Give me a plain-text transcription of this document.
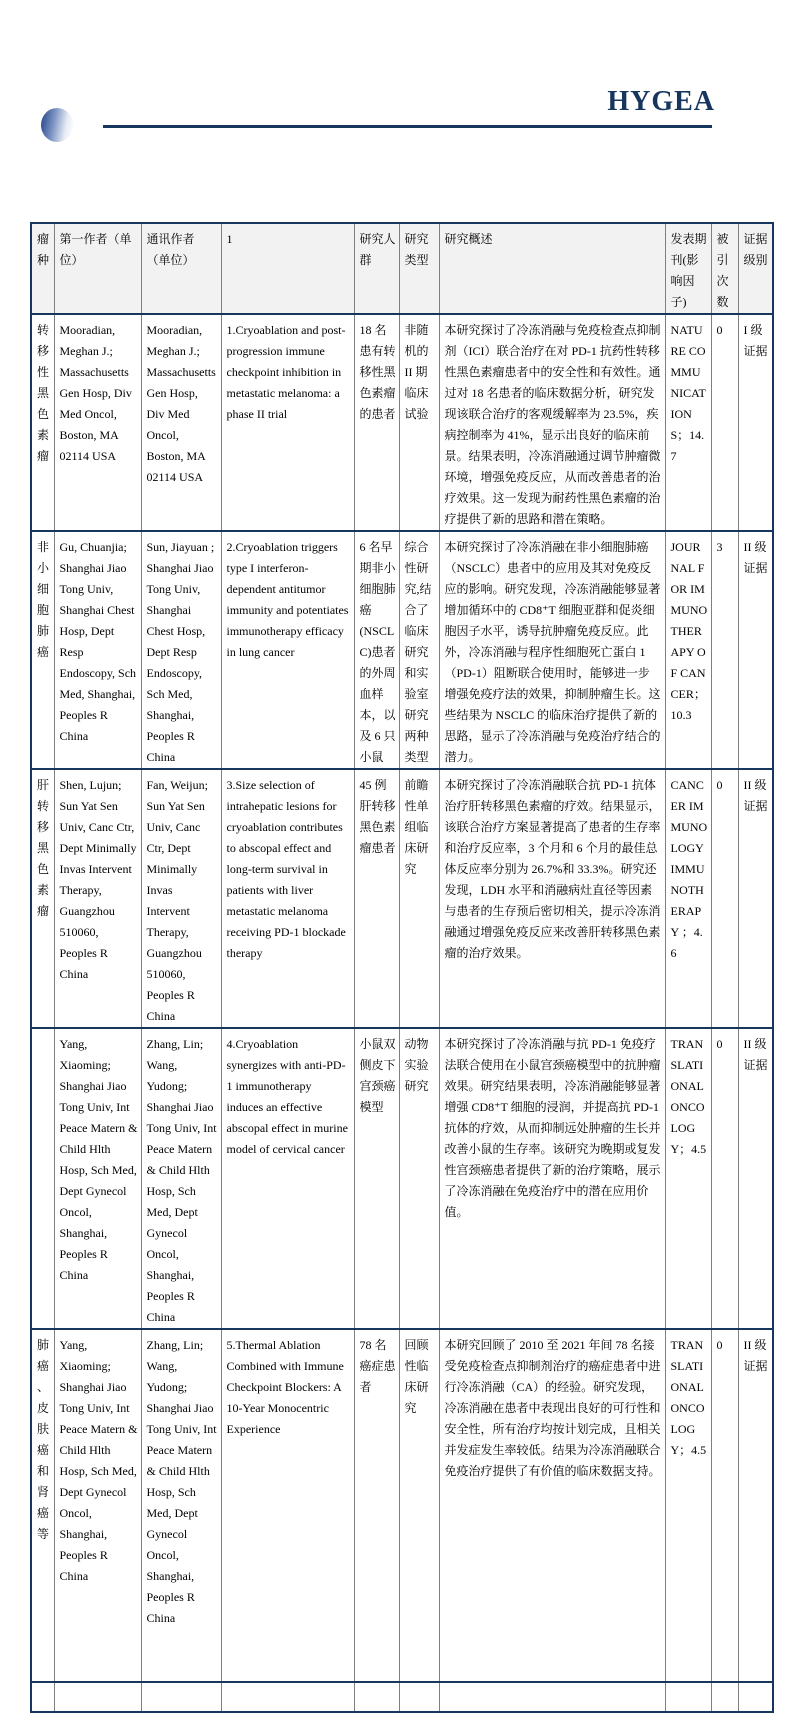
HYGEA
瘤种	第一作者（单位）	通讯作者（单位）	1	研究人群	研究类型	研究概述	发表期刊(影响因子)	被引次数	证据级别
转移性黑色素瘤	Mooradian, Meghan J.; Massachusetts Gen Hosp, Div Med Oncol, Boston, MA 02114 USA	Mooradian, Meghan J.; Massachusetts Gen Hosp, Div Med Oncol, Boston, MA 02114 USA	1.Cryoablation and post-progression immune checkpoint inhibition in metastatic melanoma: a phase II trial	18 名患有转移性黑色素瘤的患者	非随机的 II 期临床试验	本研究探讨了冷冻消融与免疫检查点抑制剂（ICI）联合治疗在对 PD-1 抗药性转移性黑色素瘤患者中的安全性和有效性。通过对 18 名患者的临床数据分析，研究发现该联合治疗的客观缓解率为 23.5%，疾病控制率为 41%，显示出良好的临床前景。结果表明，冷冻消融通过调节肿瘤微环境，增强免疫反应，从而改善患者的治疗效果。这一发现为耐药性黑色素瘤的治疗提供了新的思路和潜在策略。	NATURE COMMUNICATIONS；14.7	0	I 级证据
非小细胞肺癌	Gu, Chuanjia; Shanghai Jiao Tong Univ, Shanghai Chest Hosp, Dept Resp Endoscopy, Sch Med, Shanghai, Peoples R China	Sun, Jiayuan ; Shanghai Jiao Tong Univ, Shanghai Chest Hosp, Dept Resp Endoscopy, Sch Med, Shanghai, Peoples R China	2.Cryoablation triggers type I interferon-dependent antitumor immunity and potentiates immunotherapy efficacy in lung cancer	6 名早期非小细胞肺癌 (NSCLC)患者的外周血样本，以及 6 只小鼠	综合性研究,结合了临床研究和实验室研究两种类型	本研究探讨了冷冻消融在非小细胞肺癌（NSCLC）患者中的应用及其对免疫反应的影响。研究发现，冷冻消融能够显著增加循环中的 CD8⁺T 细胞亚群和促炎细胞因子水平，诱导抗肿瘤免疫反应。此外，冷冻消融与程序性细胞死亡蛋白 1（PD-1）阻断联合使用时，能够进一步增强免疫疗法的效果，抑制肿瘤生长。这些结果为 NSCLC 的临床治疗提供了新的思路，显示了冷冻消融与免疫治疗结合的潜力。	JOURNAL FOR IMMUNOTHERAPY OF CANCER；10.3	3	II 级证据
肝转移黑色素瘤	Shen, Lujun; Sun Yat Sen Univ, Canc Ctr, Dept Minimally Invas Intervent Therapy, Guangzhou 510060, Peoples R China	Fan, Weijun; Sun Yat Sen Univ, Canc Ctr, Dept Minimally Invas Intervent Therapy, Guangzhou 510060, Peoples R China	3.Size selection of intrahepatic lesions for cryoablation contributes to abscopal effect and long-term survival in patients with liver metastatic melanoma receiving PD-1 blockade therapy	45 例肝转移黑色素瘤患者	前瞻性单组临床研究	本研究探讨了冷冻消融联合抗 PD-1 抗体治疗肝转移黑色素瘤的疗效。结果显示，该联合治疗方案显著提高了患者的生存率和治疗反应率，3 个月和 6 个月的最佳总体反应率分别为 26.7%和 33.3%。研究还发现，LDH 水平和消融病灶直径等因素与患者的生存预后密切相关，提示冷冻消融通过增强免疫反应来改善肝转移黑色素瘤的治疗效果。	CANCER IMMUNOLOGY IMMUNOTHERAPY ；4.6	0	II 级证据
	Yang, Xiaoming; Shanghai Jiao Tong Univ, Int Peace Matern & Child Hlth Hosp, Sch Med, Dept Gynecol Oncol, Shanghai, Peoples R China	Zhang, Lin; Wang, Yudong; Shanghai Jiao Tong Univ, Int Peace Matern & Child Hlth Hosp, Sch Med, Dept Gynecol Oncol, Shanghai, Peoples R China	4.Cryoablation synergizes with anti-PD-1 immunotherapy induces an effective abscopal effect in murine model of cervical cancer	小鼠双侧皮下宫颈癌模型	动物实验研究	本研究探讨了冷冻消融与抗 PD-1 免疫疗法联合使用在小鼠宫颈癌模型中的抗肿瘤效果。研究结果表明，冷冻消融能够显著增强 CD8⁺T 细胞的浸润，并提高抗 PD-1 抗体的疗效，从而抑制远处肿瘤的生长并改善小鼠的生存率。该研究为晚期或复发性宫颈癌患者提供了新的治疗策略，展示了冷冻消融在免疫治疗中的潜在应用价值。	TRANSLATIONAL ONCOLOGY；4.5	0	II 级证据
肺癌、皮肤癌和肾癌等	Yang, Xiaoming; Shanghai Jiao Tong Univ, Int Peace Matern & Child Hlth Hosp, Sch Med, Dept Gynecol Oncol, Shanghai, Peoples R China	Zhang, Lin; Wang, Yudong; Shanghai Jiao Tong Univ, Int Peace Matern & Child Hlth Hosp, Sch Med, Dept Gynecol Oncol, Shanghai, Peoples R China	5.Thermal Ablation Combined with Immune Checkpoint Blockers: A 10-Year Monocentric Experience	78 名癌症患者	回顾性临床研究	本研究回顾了 2010 至 2021 年间 78 名接受免疫检查点抑制剂治疗的癌症患者中进行冷冻消融（CA）的经验。研究发现，冷冻消融在患者中表现出良好的可行性和安全性，所有治疗均按计划完成，且相关并发症发生率较低。结果为冷冻消融联合免疫治疗提供了有价值的临床数据支持。	TRANSLATIONAL ONCOLOGY；4.5	0	II 级证据
